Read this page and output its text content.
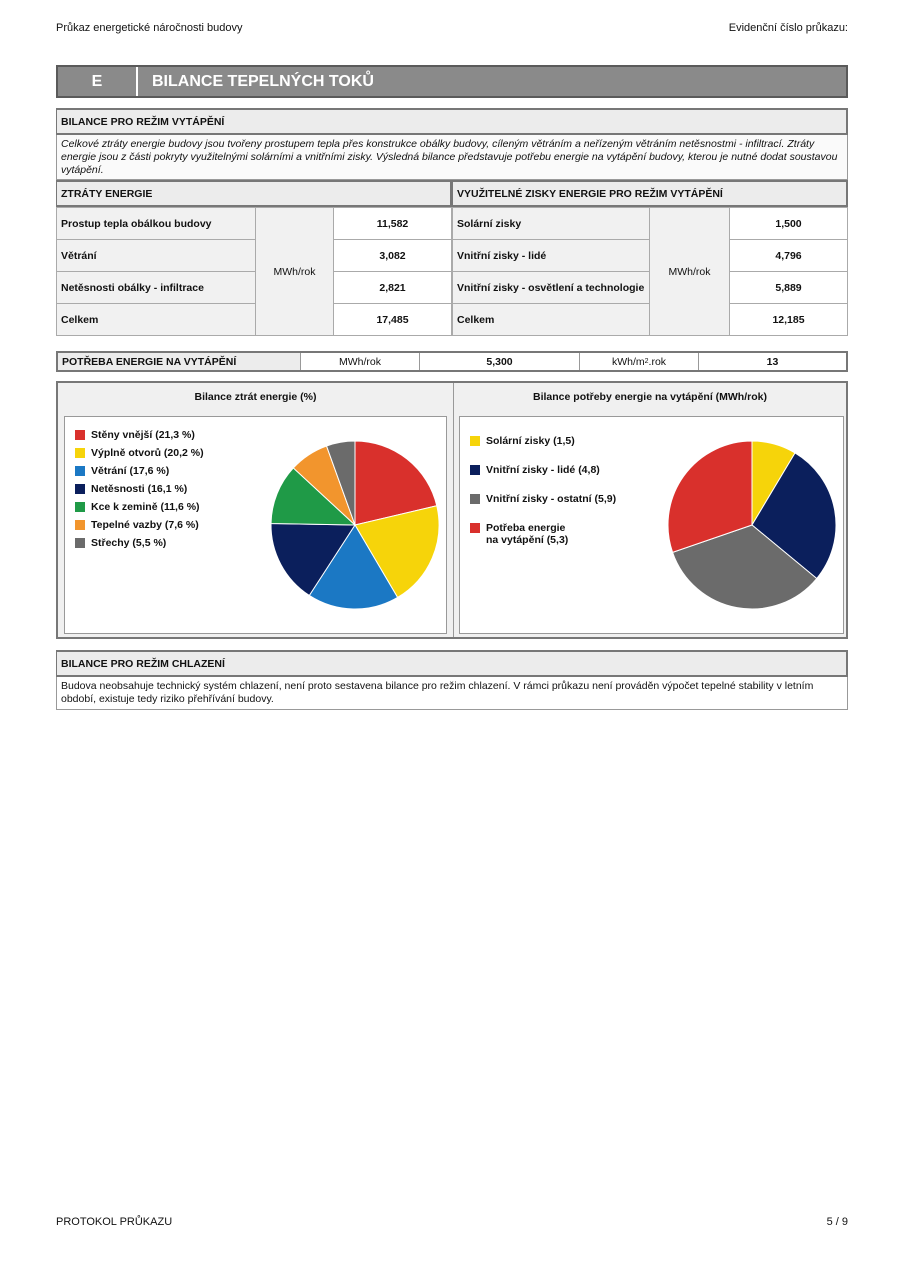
Průkaz energetické náročnosti budovy	Evidenční číslo průkazu:
E	BILANCE TEPELNÝCH TOKŮ
BILANCE PRO REŽIM VYTÁPĚNÍ
Celkové ztráty energie budovy jsou tvořeny prostupem tepla přes konstrukce obálky budovy, cíleným větráním a neřízeným větráním netěsnostmi - infiltrací. Ztráty energie jsou z části pokryty využitelnými solárními a vnitřními zisky. Výsledná bilance představuje potřebu energie na vytápění budovy, kterou je nutné dodat soustavou vytápění.
ZTRÁTY ENERGIE	VYUŽITELNÉ ZISKY ENERGIE PRO REŽIM VYTÁPĚNÍ
Prostup tepla obálkou budovy	MWh/rok	11,582
Větrání		3,082
Netěsnosti obálky - infiltrace		2,821
Celkem		17,485
Solární zisky	MWh/rok	1,500
Vnitřní zisky - lidé		4,796
Vnitřní zisky - osvětlení a technologie		5,889
Celkem		12,185
POTŘEBA ENERGIE NA VYTÁPĚNÍ	MWh/rok	5,300	kWh/m 2 .rok	13
Bilance ztrát energie (%)	Bilance potřeby energie na vytápění (MWh/rok)
Stěny vnější (21,3 %)
Výplně otvorů (20,2 %)
Větrání (17,6 %)
Netěsnosti (16,1 %)
Kce k zemině (11,6 %)
Tepelné vazby (7,6 %)
Střechy (5,5 %)
Solární zisky (1,5)
Vnitřní zisky - lidé (4,8)
Vnitřní zisky - ostatní (5,9)
Potřeba energie
na vytápění (5,3)
BILANCE PRO REŽIM CHLAZENÍ
Budova neobsahuje technický systém chlazení, není proto sestavena bilance pro režim chlazení. V rámci průkazu není prováděn výpočet tepelné stability v letním období, existuje tedy riziko přehřívání budovy.
PROTOKOL PRŮKAZU	5 / 9
